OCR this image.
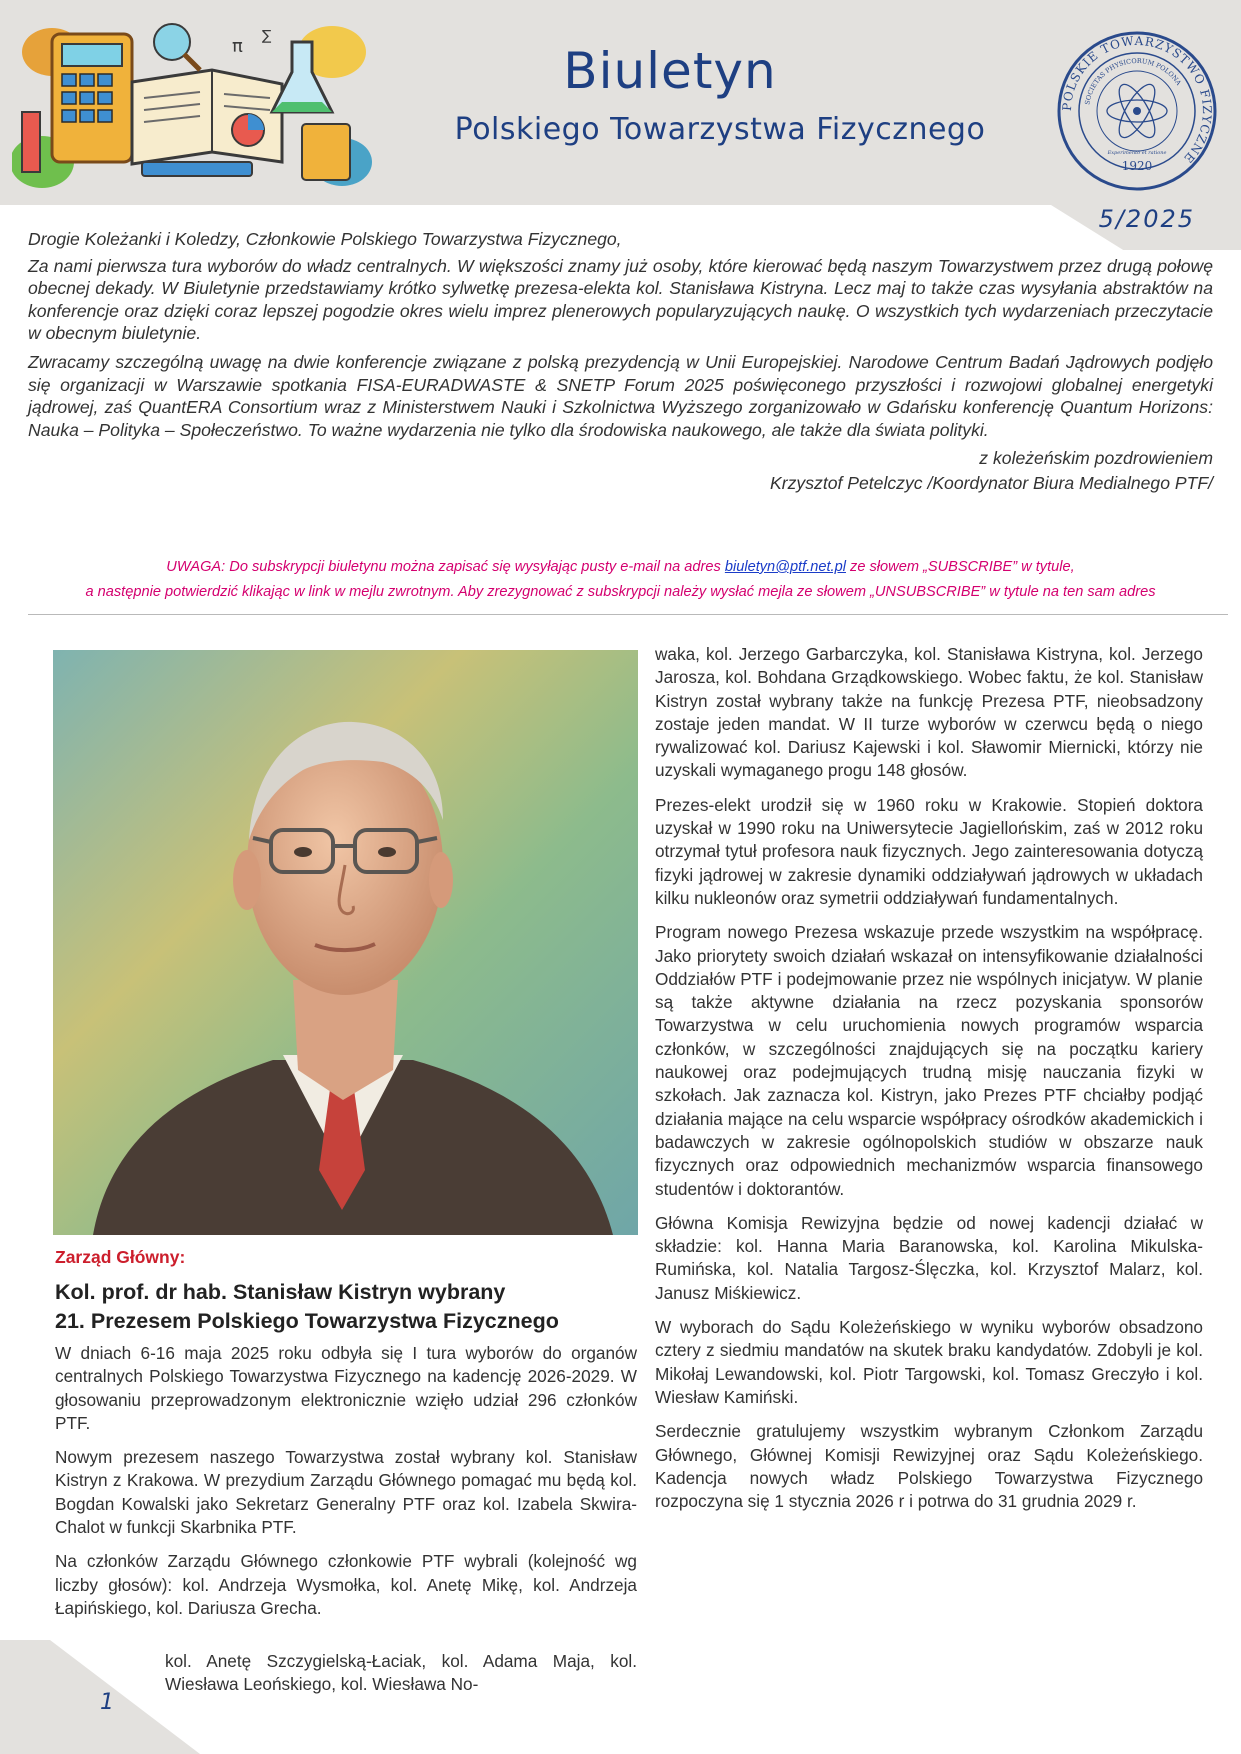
π ∑
Biuletyn
Polskiego Towarzystwa Fizycznego
POLSKIE TOWARZYSTWO FIZYCZNE
SOCIETAS PHYSICORUM POLONA
Experimento et ratione
1920
5/2025

Drogie Koleżanki i Koledzy, Członkowie Polskiego Towarzystwa Fizycznego,

Za nami pierwsza tura wyborów do władz centralnych. W większości znamy już osoby, które kierować będą naszym Towarzystwem przez drugą połowę obecnej dekady. W Biuletynie przedstawiamy krótko sylwetkę prezesa-elekta kol. Stanisława Kistryna. Lecz maj to także czas wysyłania abstraktów na konferencje oraz dzięki coraz lepszej pogodzie okres wielu imprez plenerowych popularyzujących naukę. O wszystkich tych wydarzeniach przeczytacie w obecnym biuletynie.

Zwracamy szczególną uwagę na dwie konferencje związane z polską prezydencją w Unii Europejskiej. Narodowe Centrum Badań Jądrowych podjęło się organizacji w Warszawie spotkania FISA-EURADWASTE & SNETP Forum 2025 poświęconego przyszłości i rozwojowi globalnej energetyki jądrowej, zaś QuantERA Consortium wraz z Ministerstwem Nauki i Szkolnictwa Wyższego zorganizowało w Gdańsku konferencję Quantum Horizons: Nauka – Polityka – Społeczeństwo. To ważne wydarzenia nie tylko dla środowiska naukowego, ale także dla świata polityki.

z koleżeńskim pozdrowieniem

Krzysztof Petelczyc /Koordynator Biura Medialnego PTF/

UWAGA: Do subskrypcji biuletynu można zapisać się wysyłając pusty e-mail na adres biuletyn@ptf.net.pl ze słowem „SUBSCRIBE” w tytule,
a następnie potwierdzić klikając w link w mejlu zwrotnym. Aby zrezygnować z subskrypcji należy wysłać mejla ze słowem „UNSUBSCRIBE” w tytule na ten sam adres
Zarząd Główny:
Kol. prof. dr hab. Stanisław Kistryn wybrany
21. Prezesem Polskiego Towarzystwa Fizycznego

W dniach 6-16 maja 2025 roku odbyła się I tura wyborów do organów centralnych Polskiego Towarzystwa Fizycznego na kadencję 2026-2029. W głosowaniu przeprowadzonym elektronicznie wzięło udział 296 członków PTF.

Nowym prezesem naszego Towarzystwa został wybrany kol. Stanisław Kistryn z Krakowa. W prezydium Zarządu Głównego pomagać mu będą kol. Bogdan Kowalski jako Sekretarz Generalny PTF oraz kol. Izabela Skwira-Chalot w funkcji Skarbnika PTF.

Na członków Zarządu Głównego członkowie PTF wybrali (kolejność wg liczby głosów): kol. Andrzeja Wysmołka, kol. Anetę Mikę, kol. Andrzeja Łapińskiego, kol. Dariusza Grecha.

kol. Anetę Szczygielską-Łaciak, kol. Adama Maja, kol. Wiesława Leońskiego, kol. Wiesława No-

waka, kol. Jerzego Garbarczyka, kol. Stanisława Kistryna, kol. Jerzego Jarosza, kol. Bohdana Grządkowskiego. Wobec faktu, że kol. Stanisław Kistryn został wybrany także na funkcję Prezesa PTF, nieobsadzony zostaje jeden mandat. W II turze wyborów w czerwcu będą o niego rywalizować kol. Dariusz Kajewski i kol. Sławomir Miernicki, którzy nie uzyskali wymaganego progu 148 głosów.

Prezes-elekt urodził się w 1960 roku w Krakowie. Stopień doktora uzyskał w 1990 roku na Uniwersytecie Jagiellońskim, zaś w 2012 roku otrzymał tytuł profesora nauk fizycznych. Jego zainteresowania dotyczą fizyki jądrowej w zakresie dynamiki oddziaływań jądrowych w układach kilku nukleonów oraz symetrii oddziaływań fundamentalnych.

Program nowego Prezesa wskazuje przede wszystkim na współpracę. Jako priorytety swoich działań wskazał on intensyfikowanie działalności Oddziałów PTF i podejmowanie przez nie wspólnych inicjatyw. W planie są także aktywne działania na rzecz pozyskania sponsorów Towarzystwa w celu uruchomienia nowych programów wsparcia członków, w szczególności znajdujących się na początku kariery naukowej oraz podejmujących trudną misję nauczania fizyki w szkołach. Jak zaznacza kol. Kistryn, jako Prezes PTF chciałby podjąć działania mające na celu wsparcie współpracy ośrodków akademickich i badawczych w zakresie ogólnopolskich studiów w obszarze nauk fizycznych oraz odpowiednich mechanizmów wsparcia finansowego studentów i doktorantów.

Główna Komisja Rewizyjna będzie od nowej kadencji działać w składzie: kol. Hanna Maria Baranowska, kol. Karolina Mikulska-Rumińska, kol. Natalia Targosz-Ślęczka, kol. Krzysztof Malarz, kol. Janusz Miśkiewicz.

W wyborach do Sądu Koleżeńskiego w wyniku wyborów obsadzono cztery z siedmiu mandatów na skutek braku kandydatów. Zdobyli je kol. Mikołaj Lewandowski, kol. Piotr Targowski, kol. Tomasz Greczyło i kol. Wiesław Kamiński.

Serdecznie gratulujemy wszystkim wybranym Członkom Zarządu Głównego, Głównej Komisji Rewizyjnej oraz Sądu Koleżeńskiego. Kadencja nowych władz Polskiego Towarzystwa Fizycznego rozpoczyna się 1 stycznia 2026 r i potrwa do 31 grudnia 2029 r.

1
